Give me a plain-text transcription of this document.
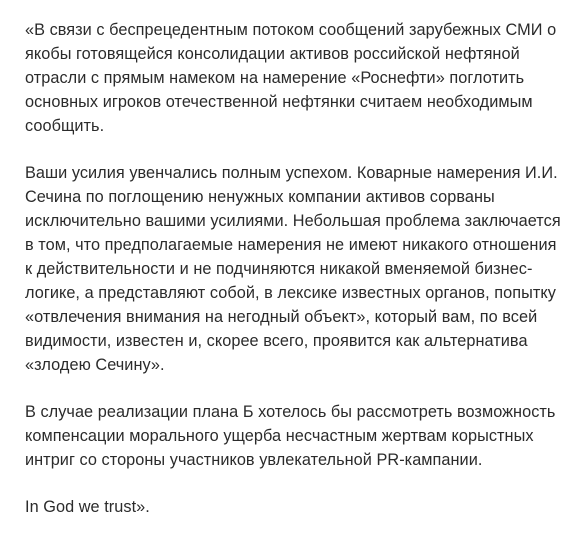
«В связи с беспрецедентным потоком сообщений зарубежных СМИ о якобы готовящейся консолидации активов российской нефтяной отрасли с прямым намеком на намерение «Роснефти» поглотить основных игроков отечественной нефтянки считаем необходимым сообщить.

Ваши усилия увенчались полным успехом. Коварные намерения И.И. Сечина по поглощению ненужных компании активов сорваны исключительно вашими усилиями. Небольшая проблема заключается в том, что предполагаемые намерения не имеют никакого отношения к действительности и не подчиняются никакой вменяемой бизнес-логике, а представляют собой, в лексике известных органов, попытку «отвлечения внимания на негодный объект», который вам, по всей видимости, известен и, скорее всего, проявится как альтернатива «злодею Сечину».

В случае реализации плана Б хотелось бы рассмотреть возможность компенсации морального ущерба несчастным жертвам корыстных интриг со стороны участников увлекательной PR-кампании.

In God we trust».
